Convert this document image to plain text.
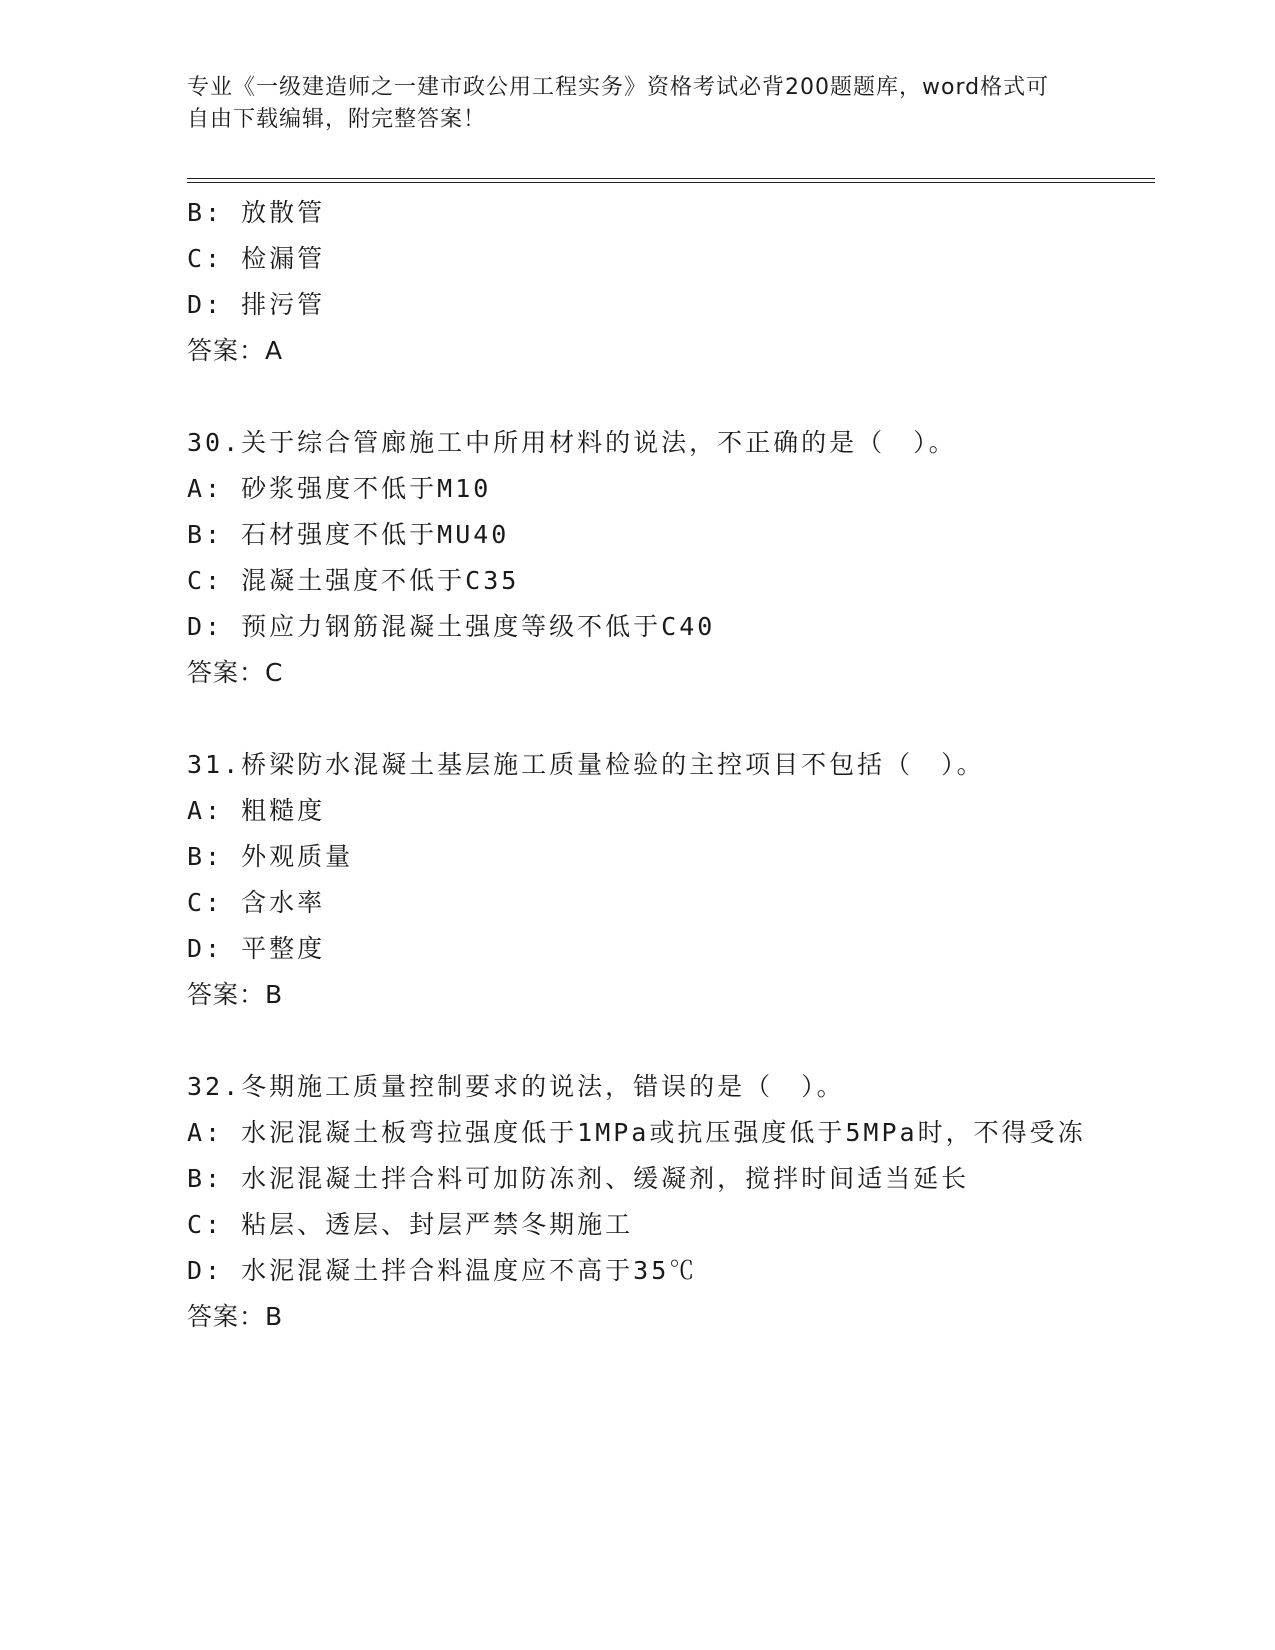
专业《一级建造师之一建市政公用工程实务》资格考试必背200题题库，word格式可自由下载编辑，附完整答案！
B: 放散管
C: 检漏管
D: 排污管
答案：A
30.关于综合管廊施工中所用材料的说法，不正确的是（　）。
A: 砂浆强度不低于M10
B: 石材强度不低于MU40
C: 混凝土强度不低于C35
D: 预应力钢筋混凝土强度等级不低于C40
答案：C
31.桥梁防水混凝土基层施工质量检验的主控项目不包括（　）。
A: 粗糙度
B: 外观质量
C: 含水率
D: 平整度
答案：B
32.冬期施工质量控制要求的说法，错误的是（　）。
A: 水泥混凝土板弯拉强度低于1MPa或抗压强度低于5MPa时，不得受冻
B: 水泥混凝土拌合料可加防冻剂、缓凝剂，搅拌时间适当延长
C: 粘层、透层、封层严禁冬期施工
D: 水泥混凝土拌合料温度应不高于35℃
答案：B
